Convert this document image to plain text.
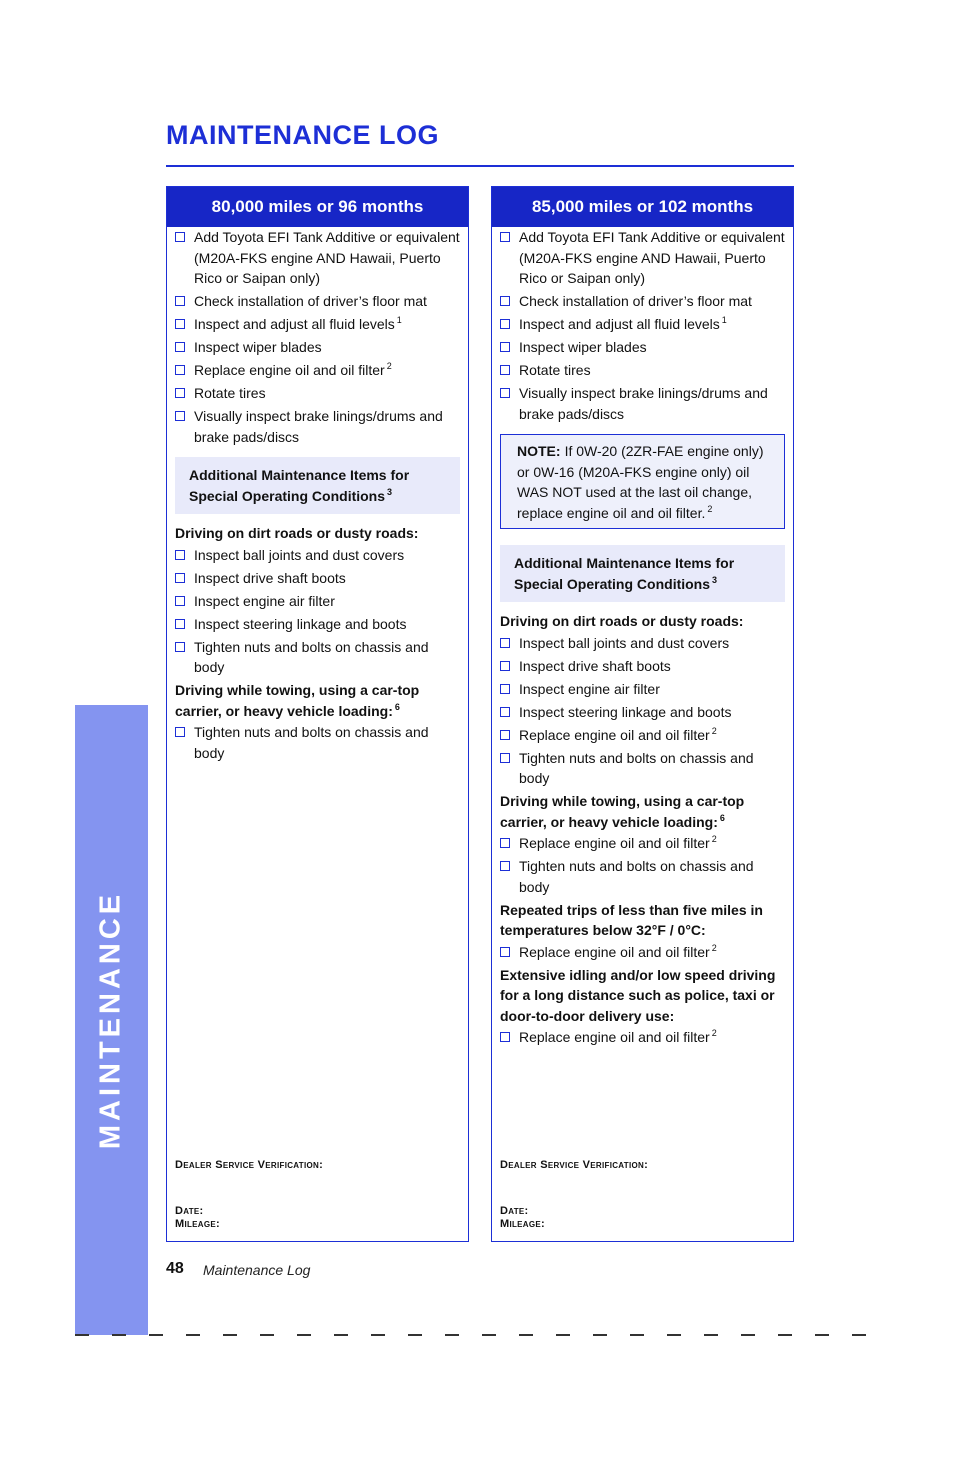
MAINTENANCE
MAINTENANCE LOG
80,000 miles or 96 months
Add Toyota EFI Tank Additive or equivalent (M20A-FKS engine AND Hawaii, Puerto Rico or Saipan only)
Check installation of driver’s floor mat
Inspect and adjust all fluid levels $^1$
Inspect wiper blades
Replace engine oil and oil filter $^2$
Rotate tires
Visually inspect brake linings/drums and brake pads/discs
Additional Maintenance Items for Special Operating Conditions $^3$
Driving on dirt roads or dusty roads:
Inspect ball joints and dust covers
Inspect drive shaft boots
Inspect engine air filter
Inspect steering linkage and boots
Tighten nuts and bolts on chassis and body
Driving while towing, using a car-top carrier, or heavy vehicle loading: $^6$
Tighten nuts and bolts on chassis and body
Dealer Service Verification:
Date:
Mileage:
85,000 miles or 102 months
Add Toyota EFI Tank Additive or equivalent (M20A-FKS engine AND Hawaii, Puerto Rico or Saipan only)
Check installation of driver’s floor mat
Inspect and adjust all fluid levels $^1$
Inspect wiper blades
Rotate tires
Visually inspect brake linings/drums and brake pads/discs
NOTE: If 0W-20 (2ZR-FAE engine only) or 0W-16 (M20A-FKS engine only) oil WAS NOT used at the last oil change, replace engine oil and oil filter. $^2$
Additional Maintenance Items for Special Operating Conditions $^3$
Driving on dirt roads or dusty roads:
Inspect ball joints and dust covers
Inspect drive shaft boots
Inspect engine air filter
Inspect steering linkage and boots
Replace engine oil and oil filter $^2$
Tighten nuts and bolts on chassis and body
Driving while towing, using a car-top carrier, or heavy vehicle loading: $^6$
Replace engine oil and oil filter $^2$
Tighten nuts and bolts on chassis and body
Repeated trips of less than five miles in temperatures below 32°F / 0°C:
Replace engine oil and oil filter $^2$
Extensive idling and/or low speed driving for a long distance such as police, taxi or door-to-door delivery use:
Replace engine oil and oil filter $^2$
Dealer Service Verification:
Date:
Mileage:
48 Maintenance Log
